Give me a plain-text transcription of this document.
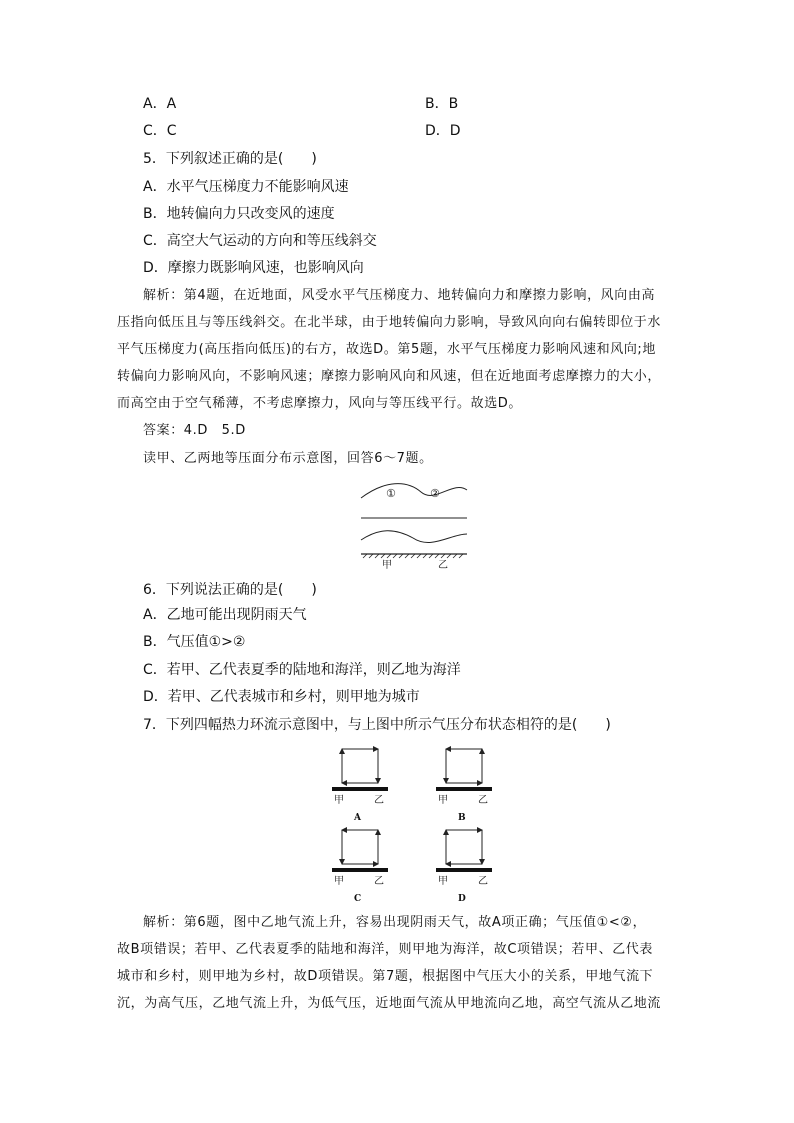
A．A	B．B
C．C	D．D
5．下列叙述正确的是(　　)
A．水平气压梯度力不能影响风速
B．地转偏向力只改变风的速度
C．高空大气运动的方向和等压线斜交
D．摩擦力既影响风速，也影响风向
解析：第4题，在近地面，风受水平气压梯度力、地转偏向力和摩擦力影响，风向由高
压指向低压且与等压线斜交。在北半球，由于地转偏向力影响，导致风向向右偏转即位于水
平气压梯度力(高压指向低压)的右方，故选D。第5题，水平气压梯度力影响风速和风向;地
转偏向力影响风向，不影响风速；摩擦力影响风向和风速，但在近地面考虑摩擦力的大小，
而高空由于空气稀薄，不考虑摩擦力，风向与等压线平行。故选D。
答案：4.D　5.D
读甲、乙两地等压面分布示意图，回答6～7题。
①	②
甲	乙
6．下列说法正确的是(　　)
A．乙地可能出现阴雨天气
B．气压值①>②
C．若甲、乙代表夏季的陆地和海洋，则乙地为海洋
D．若甲、乙代表城市和乡村，则甲地为城市
7．下列四幅热力环流示意图中，与上图中所示气压分布状态相符的是(　　)
甲	乙
A
甲	乙
B
甲	乙
C
甲	乙
D
解析：第6题，图中乙地气流上升，容易出现阴雨天气，故A项正确；气压值①<②，
故B项错误；若甲、乙代表夏季的陆地和海洋，则甲地为海洋，故C项错误；若甲、乙代表
城市和乡村，则甲地为乡村，故D项错误。第7题，根据图中气压大小的关系，甲地气流下
沉，为高气压，乙地气流上升，为低气压，近地面气流从甲地流向乙地，高空气流从乙地流
